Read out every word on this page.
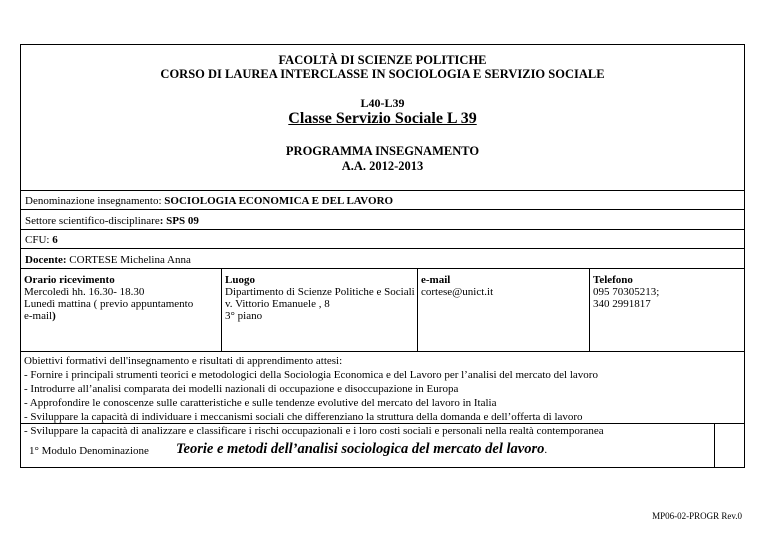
FACOLTÀ DI SCIENZE POLITICHE
CORSO DI LAUREA INTERCLASSE IN SOCIOLOGIA E SERVIZIO SOCIALE
L40-L39
Classe Servizio Sociale L 39
PROGRAMMA INSEGNAMENTO
A.A. 2012-2013
Denominazione insegnamento: SOCIOLOGIA ECONOMICA E DEL LAVORO
Settore scientifico-disciplinare: SPS 09
CFU: 6
Docente: CORTESE Michelina Anna
Orario ricevimento
Mercoledì hh. 16.30- 18.30
Lunedì mattina ( previo appuntamento
e-mail)
Luogo
Dipartimento di Scienze Politiche e Sociali
v. Vittorio Emanuele , 8
3° piano
e-mail
cortese@unict.it
Telefono
095 70305213;
340 2991817
Obiettivi formativi dell'insegnamento e risultati di apprendimento attesi:
- Fornire i principali strumenti teorici e metodologici della Sociologia Economica e del Lavoro per l’analisi del mercato del lavoro
- Introdurre all’analisi comparata dei modelli nazionali di occupazione e disoccupazione in Europa
- Approfondire le conoscenze sulle caratteristiche e sulle tendenze evolutive del mercato del lavoro in Italia
- Sviluppare la capacità di individuare i meccanismi sociali che differenziano la struttura della domanda e dell’offerta di lavoro
- Sviluppare la capacità di analizzare e classificare i rischi occupazionali e i loro costi sociali e personali nella realtà contemporanea
1° Modulo Denominazione Teorie e metodi dell’analisi sociologica del mercato del lavoro.
MP06-02-PROGR Rev.0
